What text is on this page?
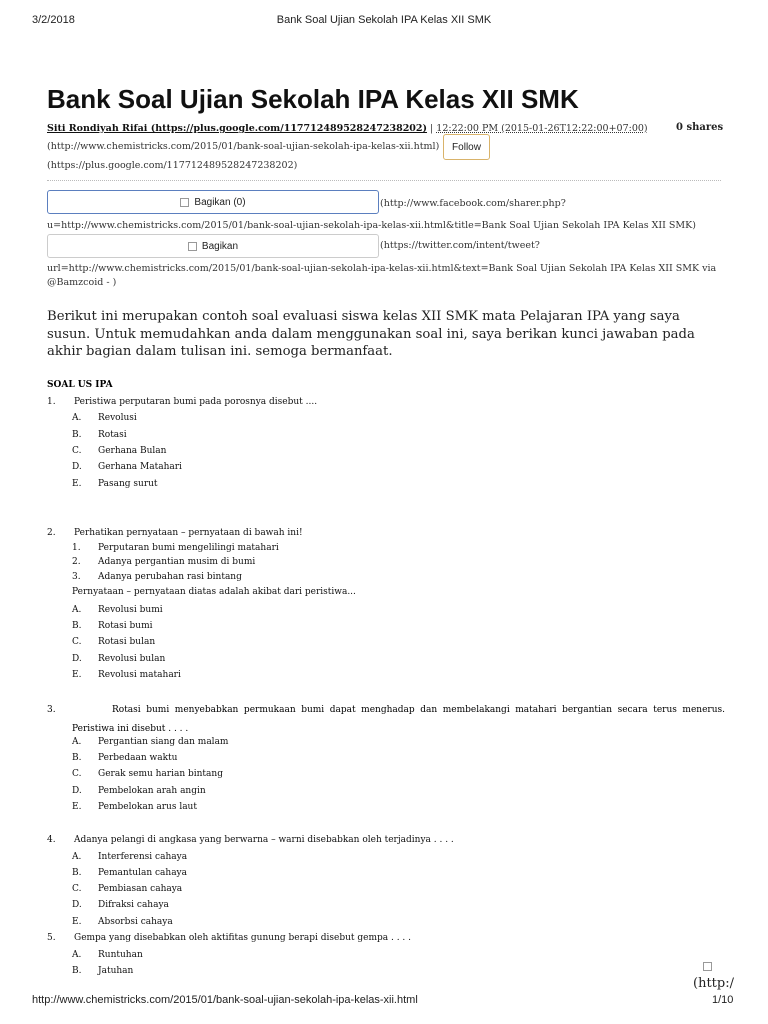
3/2/2018	Bank Soal Ujian Sekolah IPA Kelas XII SMK
Bank Soal Ujian Sekolah IPA Kelas XII SMK
Siti Rondiyah Rifai (https://plus.google.com/117712489528247238202) | 12:22:00 PM (2015-01-26T12:22:00+07:00)	0 shares
(http://www.chemistricks.com/2015/01/bank-soal-ujian-sekolah-ipa-kelas-xii.html)	Follow
(https://plus.google.com/117712489528247238202)
Bagikan (0)	(http://www.facebook.com/sharer.php?
u=http://www.chemistricks.com/2015/01/bank-soal-ujian-sekolah-ipa-kelas-xii.html&title=Bank Soal Ujian Sekolah IPA Kelas XII SMK)
Bagikan	(https://twitter.com/intent/tweet?
url=http://www.chemistricks.com/2015/01/bank-soal-ujian-sekolah-ipa-kelas-xii.html&text=Bank Soal Ujian Sekolah IPA Kelas XII SMK via
@Bamzcoid - )
Berikut ini merupakan contoh soal evaluasi siswa kelas XII SMK mata Pelajaran IPA yang saya susun. Untuk memudahkan anda dalam menggunakan soal ini, saya berikan kunci jawaban pada akhir bagian dalam tulisan ini. semoga bermanfaat.
SOAL US IPA
1. Peristiwa perputaran bumi pada porosnya disebut ....
A. Revolusi
B. Rotasi
C. Gerhana Bulan
D. Gerhana Matahari
E. Pasang surut
2. Perhatikan pernyataan – pernyataan di bawah ini!
1. Perputaran bumi mengelilingi matahari
2. Adanya pergantian musim di bumi
3. Adanya perubahan rasi bintang
Pernyataan – pernyataan diatas adalah akibat dari peristiwa...
A. Revolusi bumi
B. Rotasi bumi
C. Rotasi bulan
D. Revolusi bulan
E. Revolusi matahari
3.	Rotasi bumi menyebabkan permukaan bumi dapat menghadap dan membelakangi matahari bergantian secara terus menerus. Peristiwa ini disebut . . . .
A. Pergantian siang dan malam
B. Perbedaan waktu
C. Gerak semu harian bintang
D. Pembelokan arah angin
E. Pembelokan arus laut
4. Adanya pelangi di angkasa yang berwarna – warni disebabkan oleh terjadinya . . . .
A. Interferensi cahaya
B. Pemantulan cahaya
C. Pembiasan cahaya
D. Difraksi cahaya
E. Absorbsi cahaya
5. Gempa yang disebabkan oleh aktifitas gunung berapi disebut gempa . . . .
A. Runtuhan
B. Jatuhan
(http:/
http://www.chemistricks.com/2015/01/bank-soal-ujian-sekolah-ipa-kelas-xii.html	1/10
